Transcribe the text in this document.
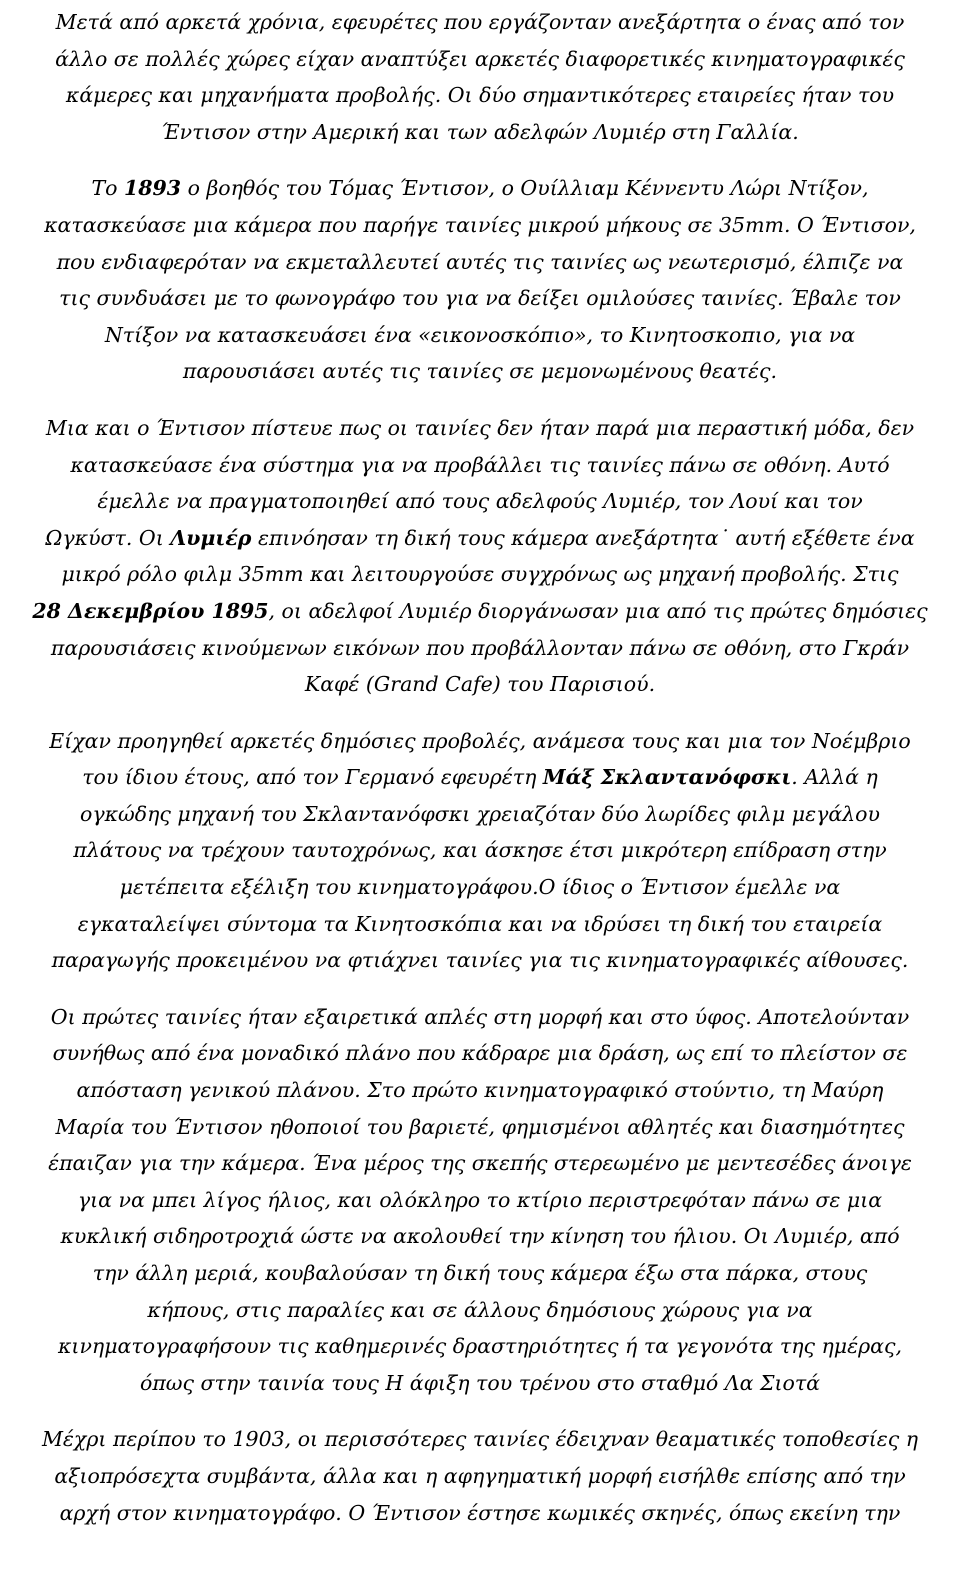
Μετά από αρκετά χρόνια, εφευρέτες που εργάζονταν ανεξάρτητα ο ένας από τον
άλλο σε πολλές χώρες είχαν αναπτύξει αρκετές διαφορετικές κινηματογραφικές
κάμερες και μηχανήματα προβολής. Οι δύο σημαντικότερες εταιρείες ήταν του
Έντισον στην Αμερική και των αδελφών Λυμιέρ στη Γαλλία.

Το 1893 ο βοηθός του Τόμας Έντισον, ο Ουίλλιαμ Κέννεντυ Λώρι Ντίξον,
κατασκεύασε μια κάμερα που παρήγε ταινίες μικρού μήκους σε 35mm. Ο Έντισον,
που ενδιαφερόταν να εκμεταλλευτεί αυτές τις ταινίες ως νεωτερισμό, έλπιζε να
τις συνδυάσει με το φωνογράφο του για να δείξει ομιλούσες ταινίες. Έβαλε τον
Ντίξον να κατασκευάσει ένα «εικονοσκόπιο», το Κινητοσκοπιο, για να
παρουσιάσει αυτές τις ταινίες σε μεμονωμένους θεατές.

Μια και ο Έντισον πίστευε πως οι ταινίες δεν ήταν παρά μια περαστική μόδα, δεν
κατασκεύασε ένα σύστημα για να προβάλλει τις ταινίες πάνω σε οθόνη. Αυτό
έμελλε να πραγματοποιηθεί από τους αδελφούς Λυμιέρ, τον Λουί και τον
Ωγκύστ. Οι Λυμιέρ επινόησαν τη δική τους κάμερα ανεξάρτητα˙ αυτή εξέθετε ένα
μικρό ρόλο φιλμ 35mm και λειτουργούσε συγχρόνως ως μηχανή προβολής. Στις
28 Δεκεμβρίου 1895, οι αδελφοί Λυμιέρ διοργάνωσαν μια από τις πρώτες δημόσιες
παρουσιάσεις κινούμενων εικόνων που προβάλλονταν πάνω σε οθόνη, στο Γκράν
Καφέ (Grand Cafe) του Παρισιού.

Είχαν προηγηθεί αρκετές δημόσιες προβολές, ανάμεσα τους και μια τον Νοέμβριο
του ίδιου έτους, από τον Γερμανό εφευρέτη Μάξ Σκλαντανόφσκι. Αλλά η
ογκώδης μηχανή του Σκλαντανόφσκι χρειαζόταν δύο λωρίδες φιλμ μεγάλου
πλάτους να τρέχουν ταυτοχρόνως, και άσκησε έτσι μικρότερη επίδραση στην
μετέπειτα εξέλιξη του κινηματογράφου.Ο ίδιος ο Έντισον έμελλε να
εγκαταλείψει σύντομα τα Κινητοσκόπια και να ιδρύσει τη δική του εταιρεία
παραγωγής προκειμένου να φτιάχνει ταινίες για τις κινηματογραφικές αίθουσες.

Οι πρώτες ταινίες ήταν εξαιρετικά απλές στη μορφή και στο ύφος. Αποτελούνταν
συνήθως από ένα μοναδικό πλάνο που κάδραρε μια δράση, ως επί το πλείστον σε
απόσταση γενικού πλάνου. Στο πρώτο κινηματογραφικό στούντιο, τη Μαύρη
Μαρία του Έντισον ηθοποιοί του βαριετέ, φημισμένοι αθλητές και διασημότητες
έπαιζαν για την κάμερα. Ένα μέρος της σκεπής στερεωμένο με μεντεσέδες άνοιγε
για να μπει λίγος ήλιος, και ολόκληρο το κτίριο περιστρεφόταν πάνω σε μια
κυκλική σιδηροτροχιά ώστε να ακολουθεί την κίνηση του ήλιου. Οι Λυμιέρ, από
την άλλη μεριά, κουβαλούσαν τη δική τους κάμερα έξω στα πάρκα, στους
κήπους, στις παραλίες και σε άλλους δημόσιους χώρους για να
κινηματογραφήσουν τις καθημερινές δραστηριότητες ή τα γεγονότα της ημέρας,
όπως στην ταινία τους Η άφιξη του τρένου στο σταθμό Λα Σιοτά

Μέχρι περίπου το 1903, οι περισσότερες ταινίες έδειχναν θεαματικές τοποθεσίες η
αξιοπρόσεχτα συμβάντα, άλλα και η αφηγηματική μορφή εισήλθε επίσης από την
αρχή στον κινηματογράφο. Ο Έντισον έστησε κωμικές σκηνές, όπως εκείνη την
